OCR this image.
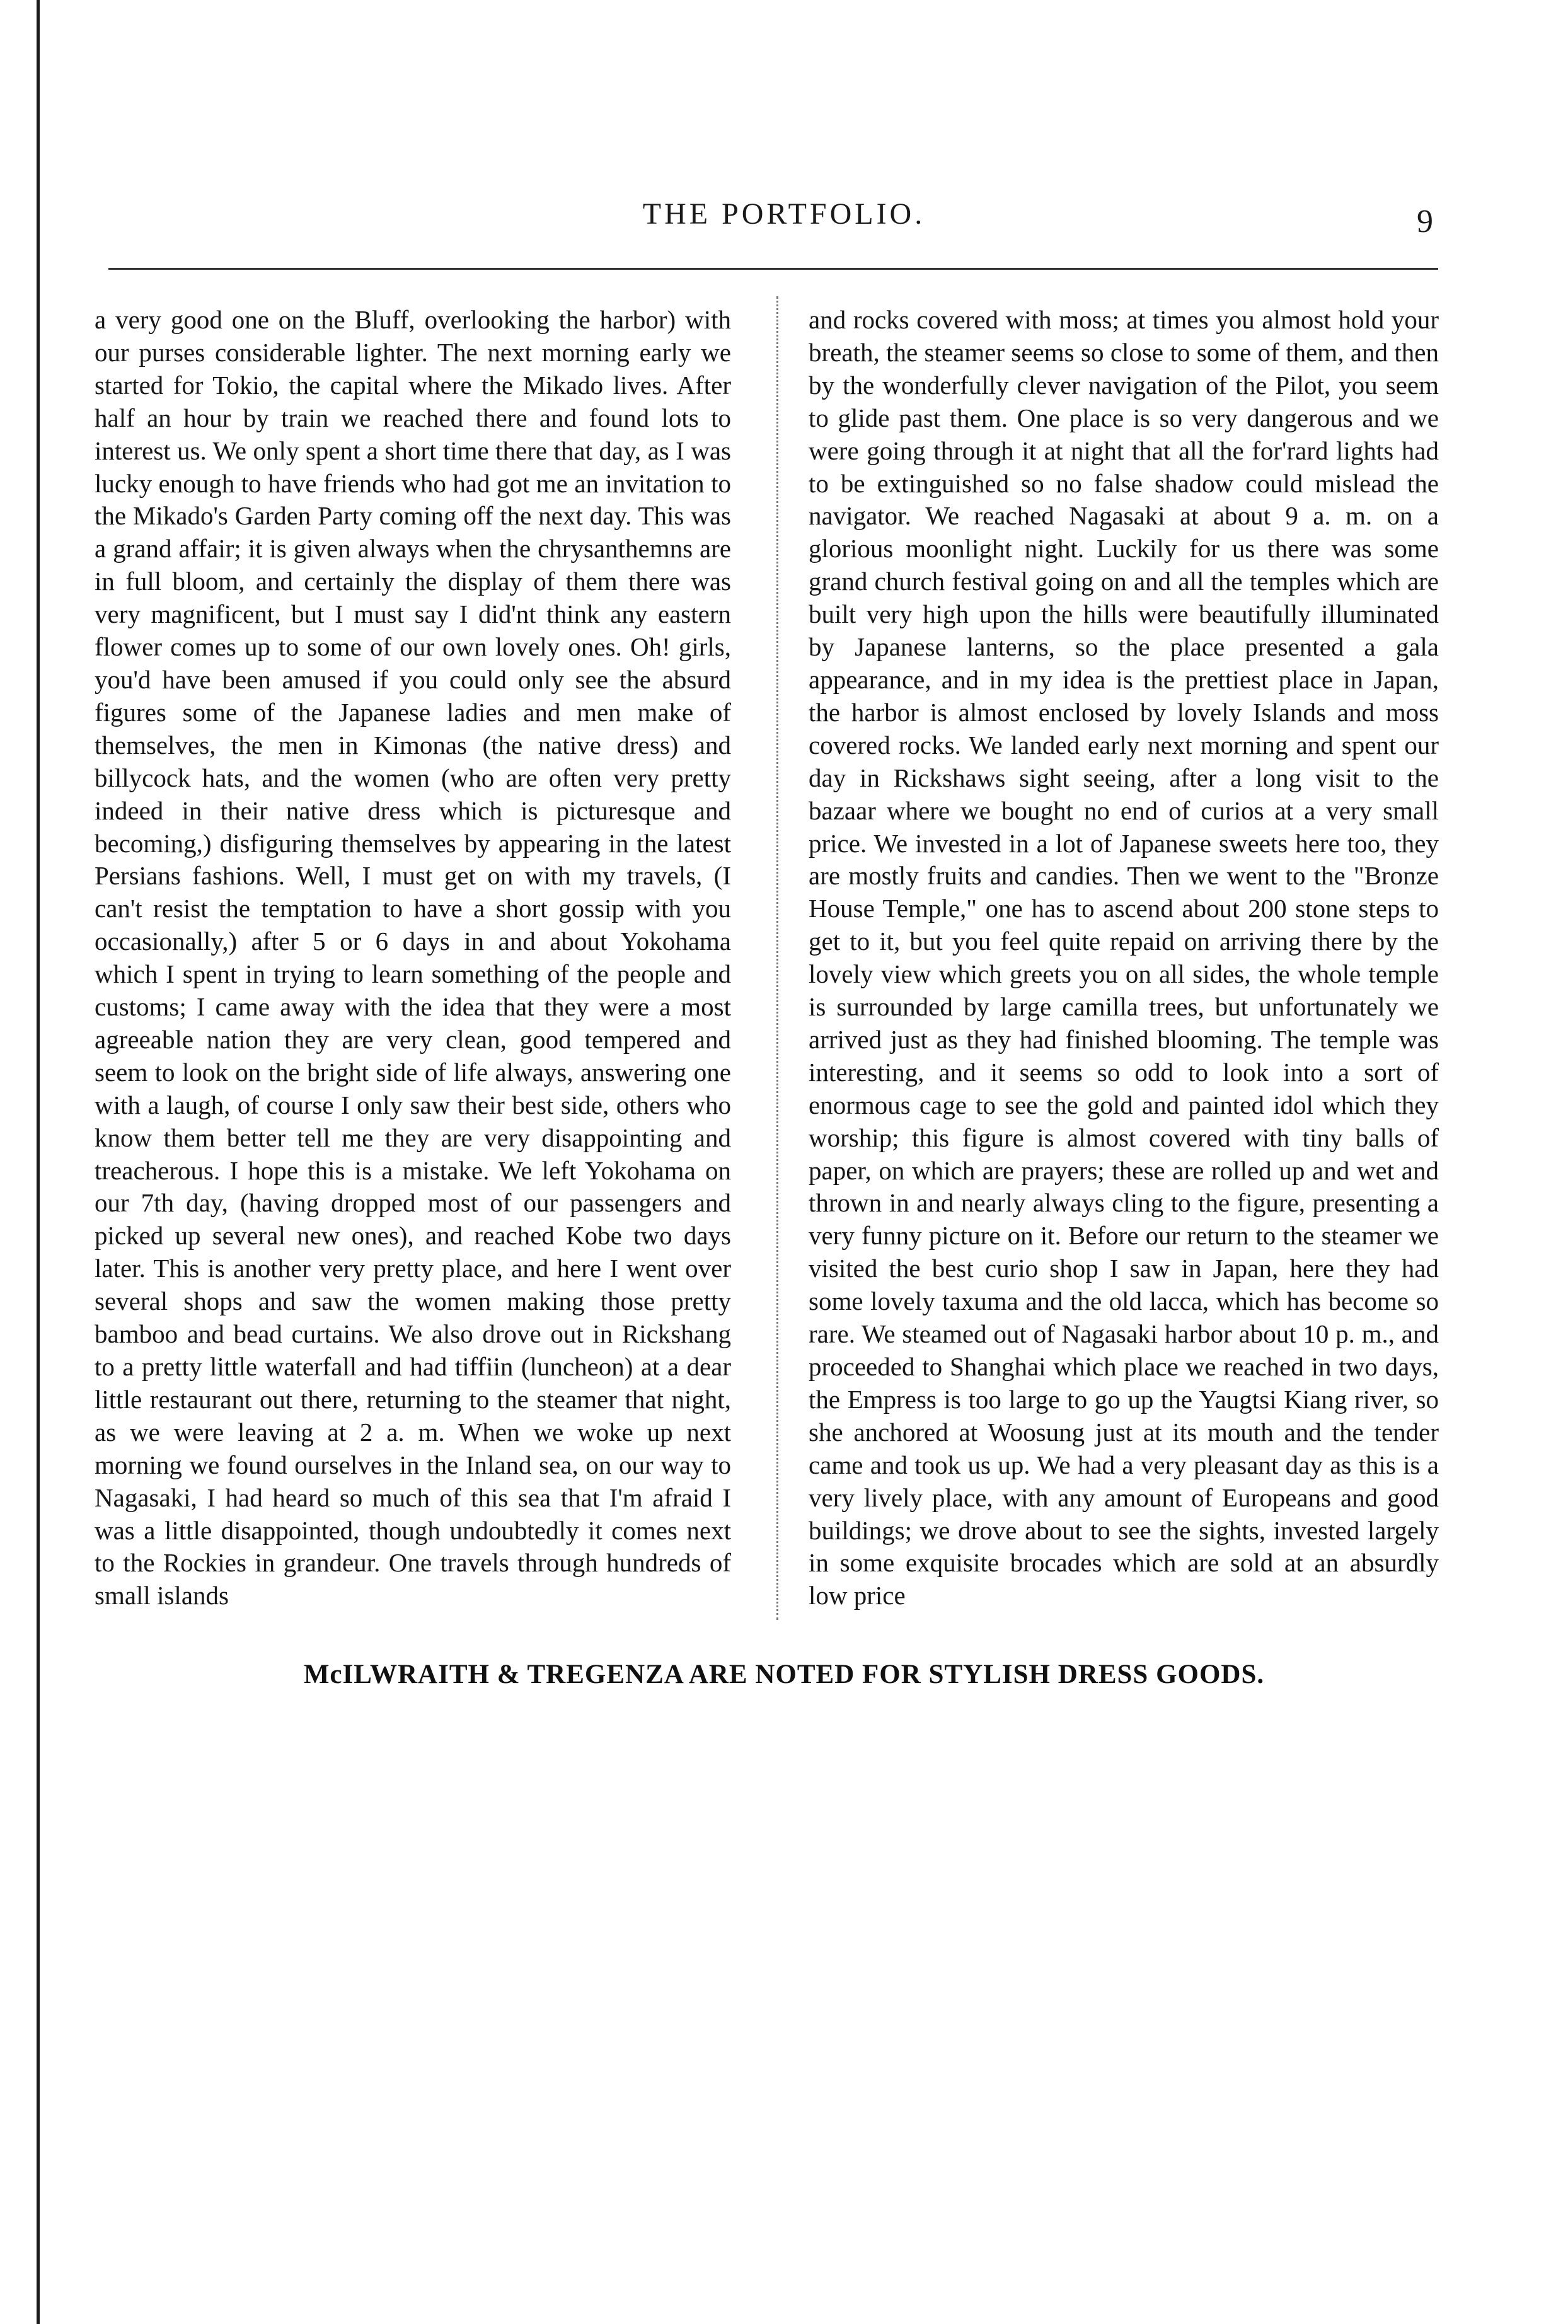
THE PORTFOLIO.	9

a very good one on the Bluff, overlooking the harbor) with our purses considerable lighter. The next morning early we started for Tokio, the capital where the Mikado lives. After half an hour by train we reached there and found lots to interest us. We only spent a short time there that day, as I was lucky enough to have friends who had got me an invitation to the Mikado's Garden Party coming off the next day. This was a grand affair; it is given always when the chrysanthemns are in full bloom, and certainly the display of them there was very magnificent, but I must say I did'nt think any eastern flower comes up to some of our own lovely ones. Oh! girls, you'd have been amused if you could only see the absurd figures some of the Japanese ladies and men make of themselves, the men in Kimonas (the native dress) and billycock hats, and the women (who are often very pretty indeed in their native dress which is picturesque and becoming,) disfiguring themselves by appearing in the latest Persians fashions. Well, I must get on with my travels, (I can't resist the temptation to have a short gossip with you occasionally,) after 5 or 6 days in and about Yokohama which I spent in trying to learn something of the people and customs; I came away with the idea that they were a most agreeable nation they are very clean, good tempered and seem to look on the bright side of life always, answering one with a laugh, of course I only saw their best side, others who know them better tell me they are very disappointing and treacherous. I hope this is a mistake. We left Yokohama on our 7th day, (having dropped most of our passengers and picked up several new ones), and reached Kobe two days later. This is another very pretty place, and here I went over several shops and saw the women making those pretty bamboo and bead curtains. We also drove out in Rickshang to a pretty little waterfall and had tiffiin (luncheon) at a dear little restaurant out there, returning to the steamer that night, as we were leaving at 2 a. m. When we woke up next morning we found ourselves in the Inland sea, on our way to Nagasaki, I had heard so much of this sea that I'm afraid I was a little disappointed, though undoubtedly it comes next to the Rockies in grandeur. One travels through hundreds of small islands

and rocks covered with moss; at times you almost hold your breath, the steamer seems so close to some of them, and then by the wonderfully clever navigation of the Pilot, you seem to glide past them. One place is so very dangerous and we were going through it at night that all the for'rard lights had to be extinguished so no false shadow could mislead the navigator. We reached Nagasaki at about 9 a. m. on a glorious moonlight night. Luckily for us there was some grand church festival going on and all the temples which are built very high upon the hills were beautifully illuminated by Japanese lanterns, so the place presented a gala appearance, and in my idea is the prettiest place in Japan, the harbor is almost enclosed by lovely Islands and moss covered rocks. We landed early next morning and spent our day in Rickshaws sight seeing, after a long visit to the bazaar where we bought no end of curios at a very small price. We invested in a lot of Japanese sweets here too, they are mostly fruits and candies. Then we went to the "Bronze House Temple," one has to ascend about 200 stone steps to get to it, but you feel quite repaid on arriving there by the lovely view which greets you on all sides, the whole temple is surrounded by large camilla trees, but unfortunately we arrived just as they had finished blooming. The temple was interesting, and it seems so odd to look into a sort of enormous cage to see the gold and painted idol which they worship; this figure is almost covered with tiny balls of paper, on which are prayers; these are rolled up and wet and thrown in and nearly always cling to the figure, presenting a very funny picture on it. Before our return to the steamer we visited the best curio shop I saw in Japan, here they had some lovely taxuma and the old lacca, which has become so rare. We steamed out of Nagasaki harbor about 10 p. m., and proceeded to Shanghai which place we reached in two days, the Empress is too large to go up the Yaugtsi Kiang river, so she anchored at Woosung just at its mouth and the tender came and took us up. We had a very pleasant day as this is a very lively place, with any amount of Europeans and good buildings; we drove about to see the sights, invested largely in some exquisite brocades which are sold at an absurdly low price

McILWRAITH & TREGENZA ARE NOTED FOR STYLISH DRESS GOODS.
